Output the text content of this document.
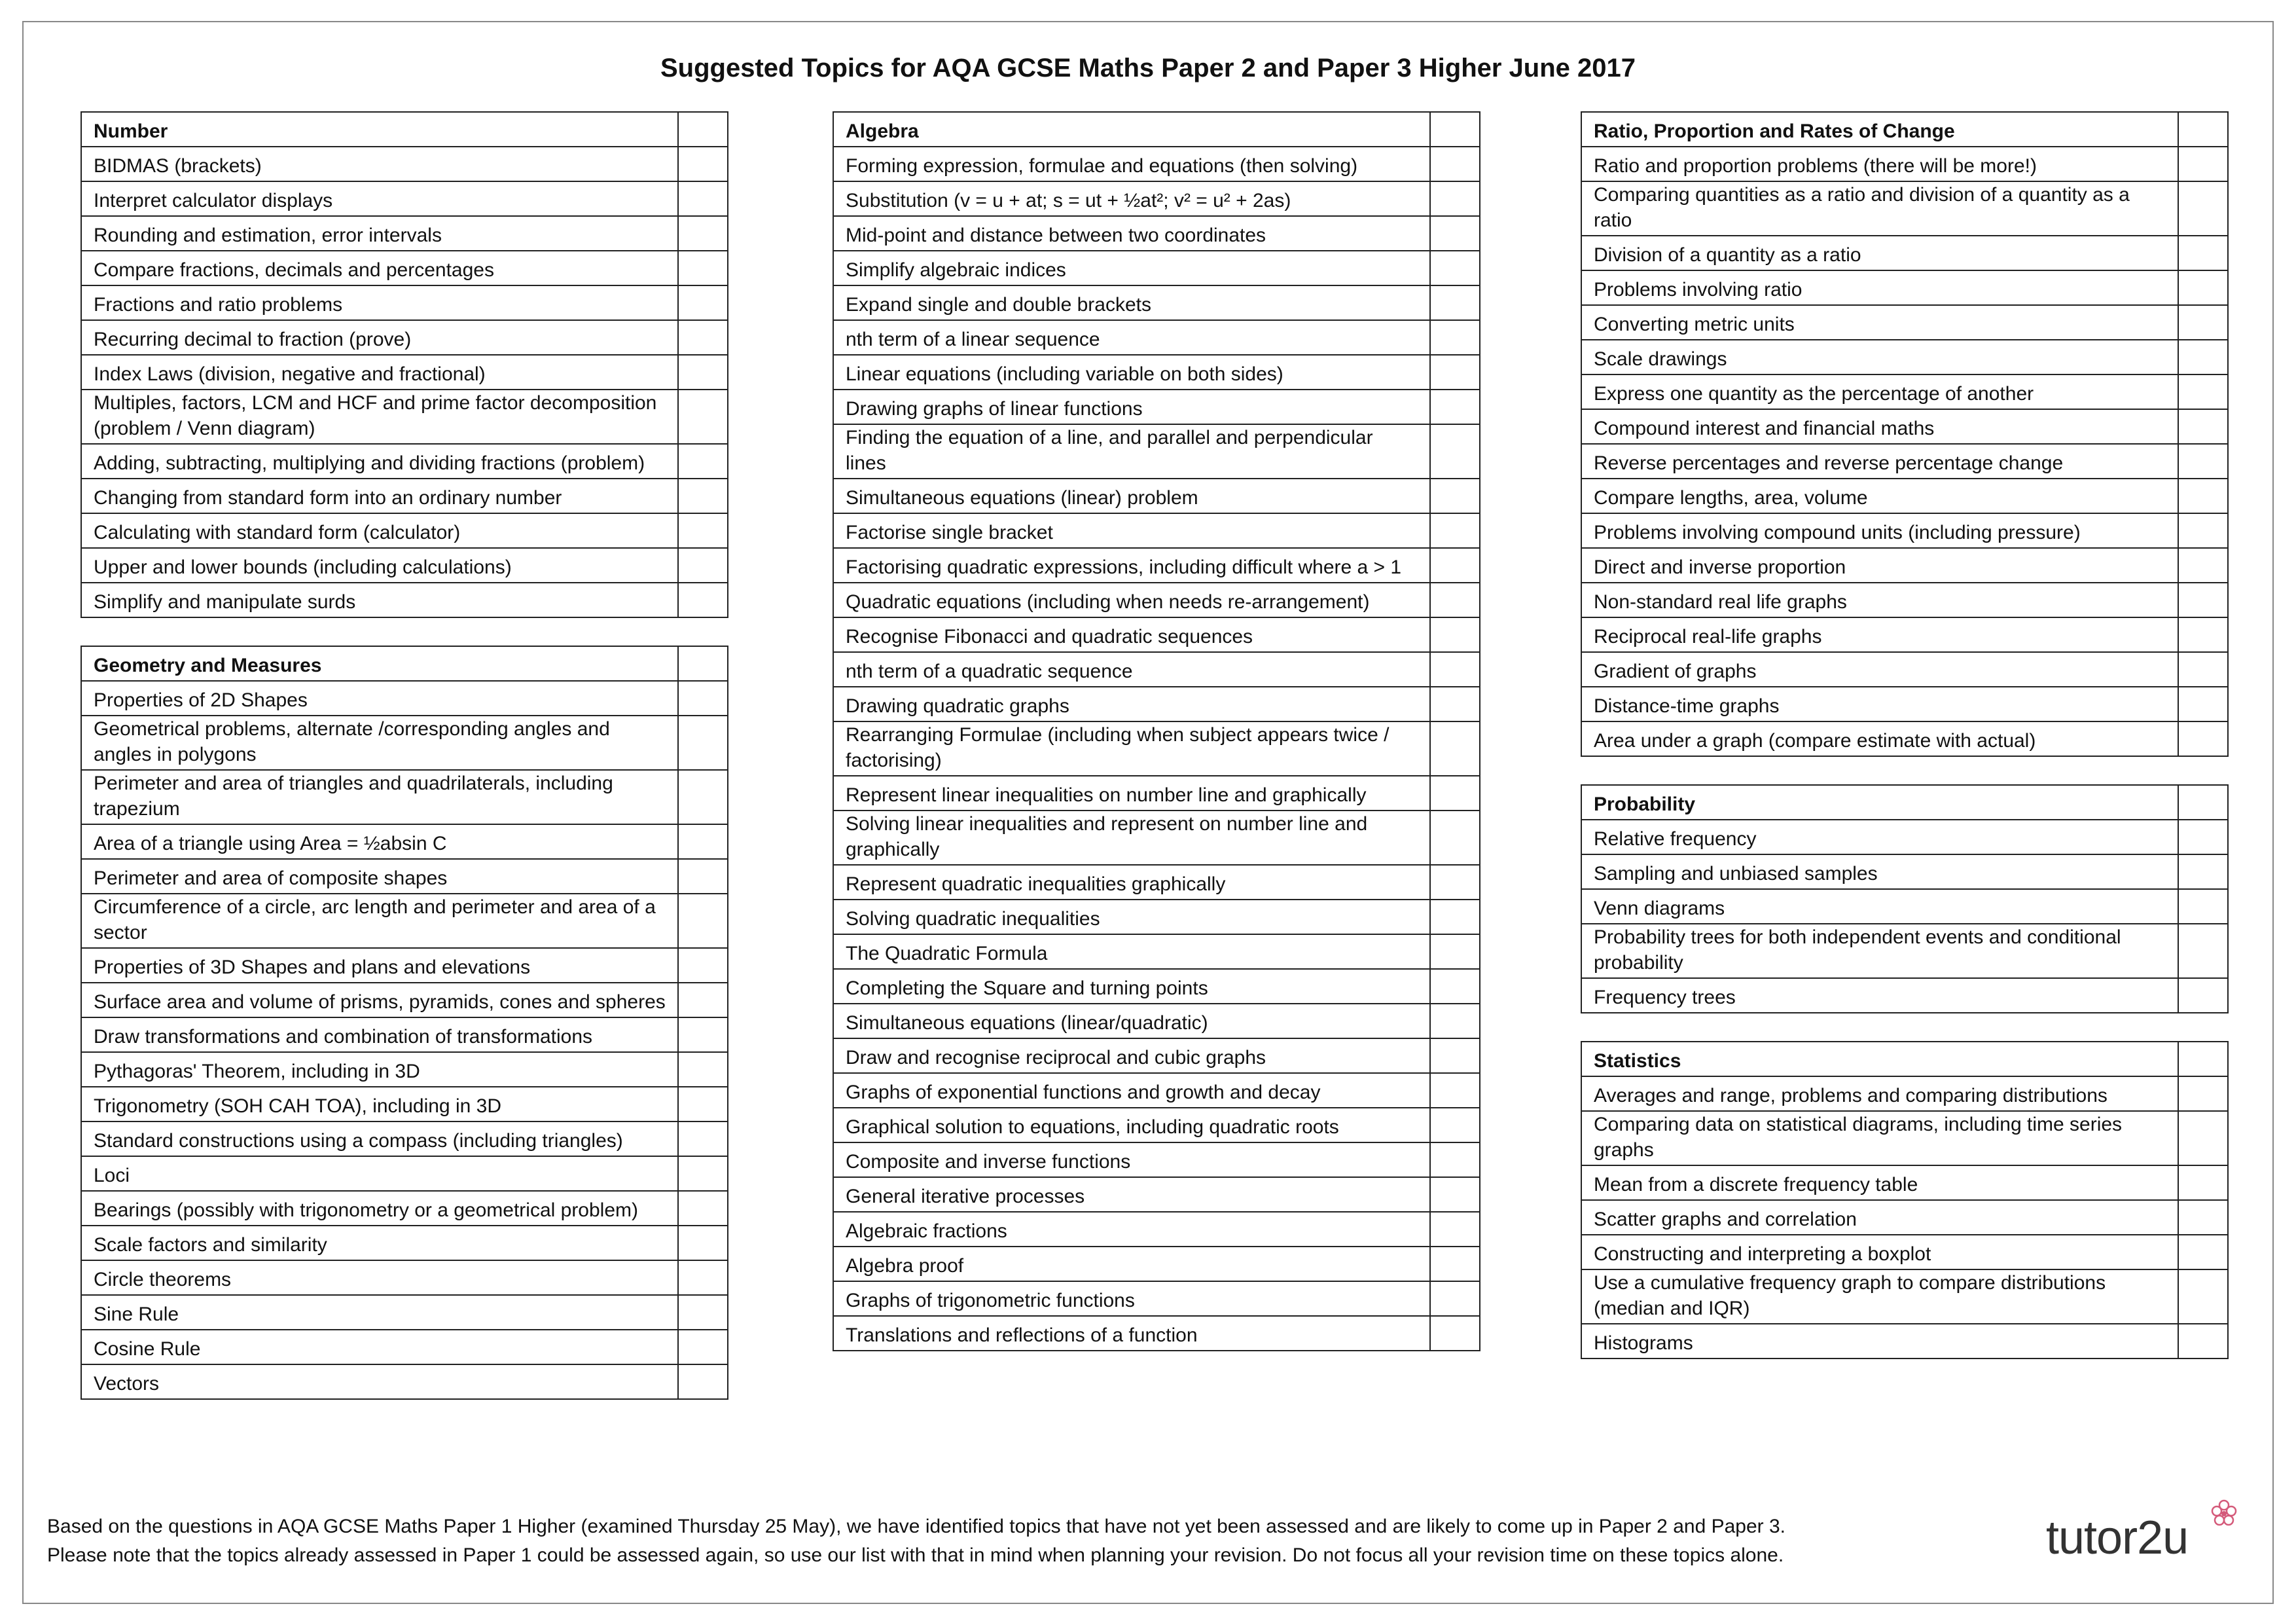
Suggested Topics for AQA GCSE Maths Paper 2 and Paper 3 Higher June 2017
Number	
BIDMAS (brackets)	
Interpret calculator displays	
Rounding and estimation, error intervals	
Compare fractions, decimals and percentages	
Fractions and ratio problems	
Recurring decimal to fraction (prove)	
Index Laws (division, negative and fractional)	
Multiples, factors, LCM and HCF and prime factor decomposition (problem / Venn diagram)	
Adding, subtracting, multiplying and dividing fractions (problem)	
Changing from standard form into an ordinary number	
Calculating with standard form (calculator)	
Upper and lower bounds (including calculations)	
Simplify and manipulate surds	
Geometry and Measures	
Properties of 2D Shapes	
Geometrical problems, alternate /corresponding angles and angles in polygons	
Perimeter and area of triangles and quadrilaterals, including trapezium	
Area of a triangle using Area = ½absin C	
Perimeter and area of composite shapes	
Circumference of a circle, arc length and perimeter and area of a sector	
Properties of 3D Shapes and plans and elevations	
Surface area and volume of prisms, pyramids, cones and spheres	
Draw transformations and combination of transformations	
Pythagoras' Theorem, including in 3D	
Trigonometry (SOH CAH TOA), including in 3D	
Standard constructions using a compass (including triangles)	
Loci	
Bearings (possibly with trigonometry or a geometrical problem)	
Scale factors and similarity	
Circle theorems	
Sine Rule	
Cosine Rule	
Vectors	
Algebra	
Forming expression, formulae and equations (then solving)	
Substitution (v = u + at; s = ut + ½at²; v² = u² + 2as)	
Mid-point and distance between two coordinates	
Simplify algebraic indices	
Expand single and double brackets	
nth term of a linear sequence	
Linear equations (including variable on both sides)	
Drawing graphs of linear functions	
Finding the equation of a line, and parallel and perpendicular lines	
Simultaneous equations (linear) problem	
Factorise single bracket	
Factorising quadratic expressions, including difficult where a > 1	
Quadratic equations (including when needs re-arrangement)	
Recognise Fibonacci and quadratic sequences	
nth term of a quadratic sequence	
Drawing quadratic graphs	
Rearranging Formulae (including when subject appears twice / factorising)	
Represent linear inequalities on number line and graphically	
Solving linear inequalities and represent on number line and graphically	
Represent quadratic inequalities graphically	
Solving quadratic inequalities	
The Quadratic Formula	
Completing the Square and turning points	
Simultaneous equations (linear/quadratic)	
Draw and recognise reciprocal and cubic graphs	
Graphs of exponential functions and growth and decay	
Graphical solution to equations, including quadratic roots	
Composite and inverse functions	
General iterative processes	
Algebraic fractions	
Algebra proof	
Graphs of trigonometric functions	
Translations and reflections of a function	
Ratio, Proportion and Rates of Change	
Ratio and proportion problems (there will be more!)	
Comparing quantities as a ratio and division of a quantity as a ratio	
Division of a quantity as a ratio	
Problems involving ratio	
Converting metric units	
Scale drawings	
Express one quantity as the percentage of another	
Compound interest and financial maths	
Reverse percentages and reverse percentage change	
Compare lengths, area, volume	
Problems involving compound units (including pressure)	
Direct and inverse proportion	
Non-standard real life graphs	
Reciprocal real-life graphs	
Gradient of graphs	
Distance-time graphs	
Area under a graph (compare estimate with actual)	
Probability	
Relative frequency	
Sampling and unbiased samples	
Venn diagrams	
Probability trees for both independent events and conditional probability	
Frequency trees	
Statistics	
Averages and range, problems and comparing distributions	
Comparing data on statistical diagrams, including time series graphs	
Mean from a discrete frequency table	
Scatter graphs and correlation	
Constructing and interpreting a boxplot	
Use a cumulative frequency graph to compare distributions (median and IQR)	
Histograms	
Based on the questions in AQA GCSE Maths Paper 1 Higher (examined Thursday 25 May), we have identified topics that have not yet been assessed and are likely to come up in Paper 2 and Paper 3.
Please note that the topics already assessed in Paper 1 could be assessed again, so use our list with that in mind when planning your revision. Do not focus all your revision time on these topics alone.	tutor2u
